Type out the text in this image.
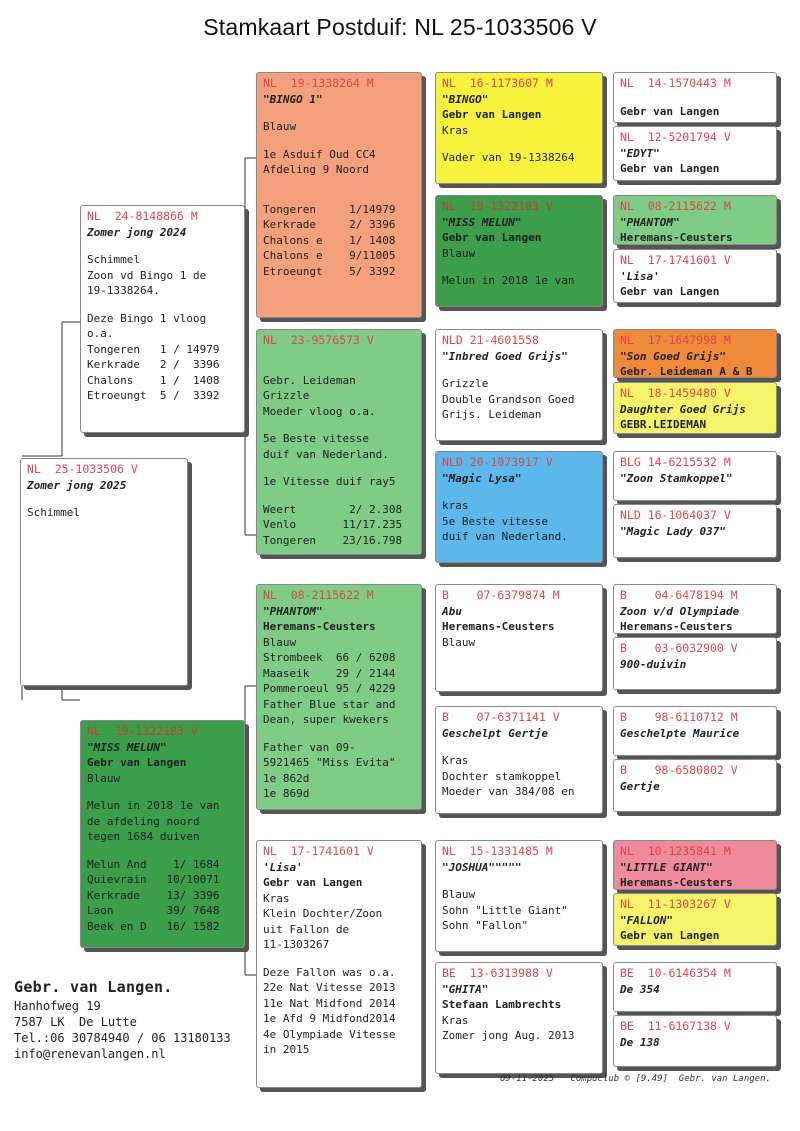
Stamkaart Postduif: NL 25-1033506 V
NL  25-1033506 V
Zomer jong 2025
Schimmel
NL  24-8148866 M
Zomer jong 2024
Schimmel
Zoon vd Bingo 1 de
19-1338264.
Deze Bingo 1 vloog
o.a.
Tongeren   1 / 14979
Kerkrade   2 /  3396
Chalons    1 /  1408
Etroeungt  5 /  3392
NL  19-1322183 V
"MISS MELUN"
Gebr van Langen
Blauw
Melun in 2018 1e van
de afdeling noord
tegen 1684 duiven
Melun And    1/ 1684
Quievrain   10/10071
Kerkrade    13/ 3396
Laon        39/ 7648
Beek en D   16/ 1582
NL  19-1338264 M
"BINGO 1"
Blauw
1e Asduif Oud CC4
Afdeling 9 Noord
Tongeren     1/14979
Kerkrade     2/ 3396
Chalons e    1/ 1408
Chalons e    9/11005
Etroeungt    5/ 3392
NL  23-9576573 V
Gebr. Leideman
Grizzle
Moeder vloog o.a.
5e Beste vitesse
duif van Nederland.
1e Vitesse duif ray5
Weert        2/ 2.308
Venlo       11/17.235
Tongeren    23/16.798
NL  08-2115622 M
"PHANTOM"
Heremans-Ceusters
Blauw
Strombeek  66 / 6208
Maaseik    29 / 2144
Pommeroeul 95 / 4229
Father Blue star and
Dean, super kwekers
Father van 09-
5921465 "Miss Evita"
1e 862d
1e 869d
NL  17-1741601 V
'Lisa'
Gebr van Langen
Kras
Klein Dochter/Zoon
uit Fallon de
11-1303267
Deze Fallon was o.a.
22e Nat Vitesse 2013
11e Nat Midfond 2014
1e Afd 9 Midfond2014
4e Olympiade Vitesse
in 2015
NL  16-1173607 M
"BINGO"
Gebr van Langen
Kras
Vader van 19-1338264
NL  19-1322183 V
"MISS MELUN"
Gebr van Langen
Blauw
Melun in 2018 1e van
NLD 21-4601558
"Inbred Goed Grijs"
Grizzle
Double Grandson Goed
Grijs. Leideman
NLD 20-1073917 V
"Magic Lysa"
kras
5e Beste vitesse
duif van Nederland.
B    07-6379874 M
Abu
Heremans-Ceusters
Blauw
B    07-6371141 V
Geschelpt Gertje
Kras
Dochter stamkoppel
Moeder van 384/08 en
NL  15-1331485 M
"JOSHUA"""""
Blauw
Sohn "Little Giant"
Sohn "Fallon"
BE  13-6313988 V
"GHITA"
Stefaan Lambrechts
Kras
Zomer jong Aug. 2013
NL  14-1570443 M
Gebr van Langen
NL  12-5201794 V
"EDYT"
Gebr van Langen
NL  08-2115622 M
"PHANTOM"
Heremans-Ceusters
NL  17-1741601 V
'Lisa'
Gebr van Langen
NL  17-1647998 M
"Son Goed Grijs"
Gebr. Leideman A & B
NL  18-1459480 V
Daughter Goed Grijs
GEBR.LEIDEMAN
BLG 14-6215532 M
"Zoon Stamkoppel"
NLD 16-1064037 V
"Magic Lady 037"
B    04-6478194 M
Zoon v/d Olympiade
Heremans-Ceusters
B    03-6032900 V
900-duivin
B    98-6110712 M
Geschelpte Maurice
B    98-6580802 V
Gertje
NL  10-1235841 M
"LITTLE GIANT"
Heremans-Ceusters
NL  11-1303267 V
"FALLON"
Gebr van Langen
BE  10-6146354 M
De 354
BE  11-6167138 V
De 138
Gebr. van Langen.
Hanhofweg 19
7587 LK  De Lutte
Tel.:06 30784940 / 06 13180133
info@renevanlangen.nl
09-11-2025   Compuclub © [9.49]  Gebr. van Langen.
